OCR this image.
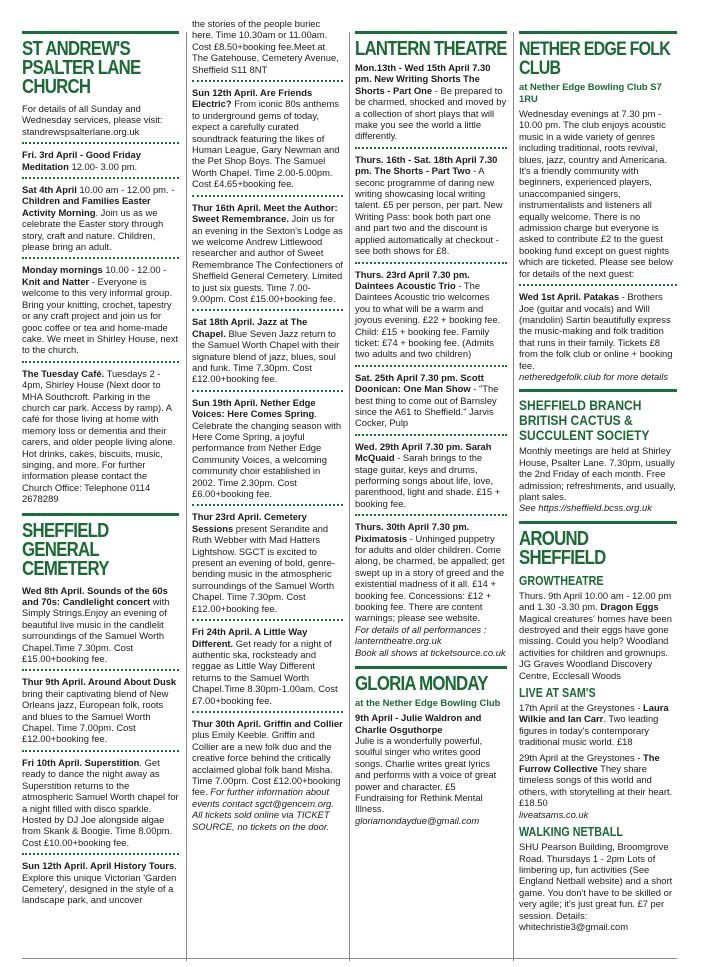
ST ANDREW'S PSALTER LANE CHURCH

For details of all Sunday and Wednesday services, please visit: standrewspsalterlane.org.uk

Fri. 3rd April - Good Friday Meditation 12.00- 3.00 pm.

Sat 4th April 10.00 am - 12.00 pm. - Children and Families Easter Activity Morning. Join us as we celebrate the Easter story through story, craft and nature. Children, please bring an adult.

Monday mornings 10.00 - 12.00 - Knit and Natter - Everyone is welcome to this very informal group. Bring your knitting, crochet, tapestry or any craft project and join us for gooc coffee or tea and home-made cake. We meet in Shirley House, next to the church.

The Tuesday Café. Tuesdays 2 - 4pm, Shirley House (Next door to MHA Southcroft. Parking in the church car park. Access by ramp). A café for those living at home with memory loss or dementia and their carers, and older people living alone. Hot drinks, cakes, biscuits, music, singing, and more. For further information please contact the Church Office: Telephone 0114 2678289

SHEFFIELD GENERAL CEMETERY

Wed 8th April. Sounds of the 60s and 70s: Candlelight concert with Simply Strings.Enjoy an evening of beautiful live music in the candlelit surroundings of the Samuel Worth Chapel.Time 7.30pm. Cost £15.00+booking fee.

Thur 9th April. Around About Dusk bring their captivating blend of New Orleans jazz, European folk, roots and blues to the Samuel Worth Chapel. Time 7.00pm. Cost £12.00+booking fee.

Fri 10th April. Superstition. Get ready to dance the night away as Superstition returns to the atmospheric Samuel Worth chapel for a night filled with disco sparkle. Hosted by DJ Joe alongside algae from Skank & Boogie. Time 8.00pm. Cost £10.00+booking fee.

Sun 12th April. April History Tours. Explore this unique Victorian 'Garden Cemetery', designed in the style of a landscape park, and uncover

the stories of the people buriec here. Time 10.30am or 11.00am. Cost £8.50+booking fee.Meet at The Gatehouse, Cemetery Avenue, Sheffield S11 8NT

Sun 12th April. Are Friends Electric? From iconic 80s anthems to underground gems of today, expect a carefully curated soundtrack featuring the likes of Human League, Gary Newman and the Pet Shop Boys. The Samuel Worth Chapel. Time 2.00-5.00pm. Cost £4.65+booking fee.

Thur 16th April. Meet the Author: Sweet Remembrance. Join us for an evening in the Sexton's Lodge as we welcome Andrew Littlewood researcher and author of Sweet Remembrance The Confectioners of Sheffield General Cemetery. Limited to just six guests. Time 7.00-9.00pm. Cost £15.00+booking fee.

Sat 18th April. Jazz at The Chapel. Blue Seven Jazz return to the Samuel Worth Chapel with their signature blend of jazz, blues, soul and funk. Time 7.30pm. Cost £12.00+booking fee.

Sun 19th April. Nether Edge Voices: Here Comes Spring. Celebrate the changing season with Here Come Spring, a joyful performance from Nether Edge Community Voices, a welcoming community choir established in 2002. Time 2.30pm. Cost £6.00+booking fee.

Thur 23rd April. Cemetery Sessions present Serandite and Ruth Webber with Mad Hatters Lightshow. SGCT is excited to present an evening of bold, genre-bending music in the atmospheric surroundings of the Samuel Worth Chapel. Time 7.30pm. Cost £12.00+booking fee.

Fri 24th April. A Little Way Different. Get ready for a night of authentic ska, rocksteady and reggae as Little Way Different returns to the Samuel Worth Chapel.Time 8.30pm-1.00am. Cost £7.00+booking fee.

Thur 30th April. Griffin and Collier plus Emily Keeble. Griffin and Collier are a new folk duo and the creative force behind the critically acclaimed global folk band Misha. Time 7.00pm. Cost £12.00+booking fee. For further information about events contact sgct@gencem.org. All tickets sold online via TICKET SOURCE, no tickets on the door.

LANTERN THEATRE

Mon.13th - Wed 15th April 7.30 pm. New Writing Shorts The Shorts - Part One - Be prepared to be charmed, shocked and moved by a collection of short plays that will make you see the world a little differently.

Thurs. 16th - Sat. 18th April 7.30 pm. The Shorts - Part Two - A seconc programme of daring new writing showcasing local writing talent. £5 per person, per part. New Writing Pass: book both part one and part two and the discount is applied automatically at checkout - see both shows for £8.

Thurs. 23rd April 7.30 pm. Daintees Acoustic Trio - The Daintees Acoustic trio welcomes you to what will be a warm and joyous evening. £22 + booking fee. Child: £15 + booking fee. Family ticket: £74 + booking fee. (Admits two adults and two children)

Sat. 25th April 7.30 pm. Scott Doonican: One Man Show - "The best thing to come out of Barnsley since the A61 to Sheffield." Jarvis Cocker, Pulp

Wed. 29th April 7.30 pm. Sarah McQuaid - Sarah brings to the stage guitar, keys and drums, performing songs about life, love, parenthood, light and shade. £15 + booking fee.

Thurs. 30th April 7.30 pm. Piximatosis - Unhinged puppetry for adults and older children. Come along, be charmed, be appalled; get swept up in a story of greed and the existential madness of it all. £14 + booking fee. Concessions: £12 + booking fee. There are content warnings; please see website.

For details of all performances : lanterntheatre.org.uk

Book all shows at ticketsource.co.uk

GLORIA MONDAY
at the Nether Edge Bowling Club

9th April - Julie Waldron and Charlie Osguthorpe

Julie is a wonderfully powerful, soulful singer who writes good songs. Charlie writes great lyrics and performs with a voice of great power and character. £5 Fundraising for Rethink Mental Illness.

gloriamondaydue@gmail.com

NETHER EDGE FOLK CLUB
at Nether Edge Bowling Club S7 1RU

Wednesday evenings at 7.30 pm - 10.00 pm. The club enjoys acoustic music in a wide variety of genres including traditional, roots revival, blues, jazz, country and Americana. It's a friendly community with beginners, experienced players, unaccompanied singers, instrumentalists and listeners all equally welcome. There is no admission charge but everyone is asked to contribute £2 to the guest booking fund except on guest nights which are ticketed. Please see below for details of the next guest:

Wed 1st April. Patakas - Brothers Joe (guitar and vocals) and Will (mandolin) Sartin beautifully express the music-making and folk tradition that runs in their family. Tickets £8 from the folk club or online + booking fee.

netheredgefolk.club for more details

SHEFFIELD BRANCH BRITISH CACTUS & SUCCULENT SOCIETY

Monthly meetings are held at Shirley House, Psalter Lane. 7.30pm, usually the 2nd Friday of each month. Free admission; refreshments, and usually, plant sales.

See https://sheffield.bcss.org.uk

AROUND SHEFFIELD
GROWTHEATRE

Thurs. 9th April 10.00 am - 12.00 pm and 1.30 -3.30 pm. Dragon Eggs Magical creatures' homes have been destroyed and their eggs have gone missing. Could you help? Woodland activities for children and grownups. JG Graves Woodland Discovery Centre, Ecclesall Woods

LIVE AT SAM'S

17th April at the Greystones - Laura Wilkie and Ian Carr. Two leading figures in today's contemporary traditional music world. £18

29th April at the Greystones - The Furrow Collective They share timeless songs of this world and others, with storytelling at their heart. £18.50

liveatsams.co.uk

WALKING NETBALL

SHU Pearson Building, Broomgrove Road. Thursdays 1 - 2pm Lots of limbering up, fun activities (See England Netball website) and a short game. You don't have to be skilled or very agile; it's just great fun. £7 per session. Details: whitechristie3@gmail.com
